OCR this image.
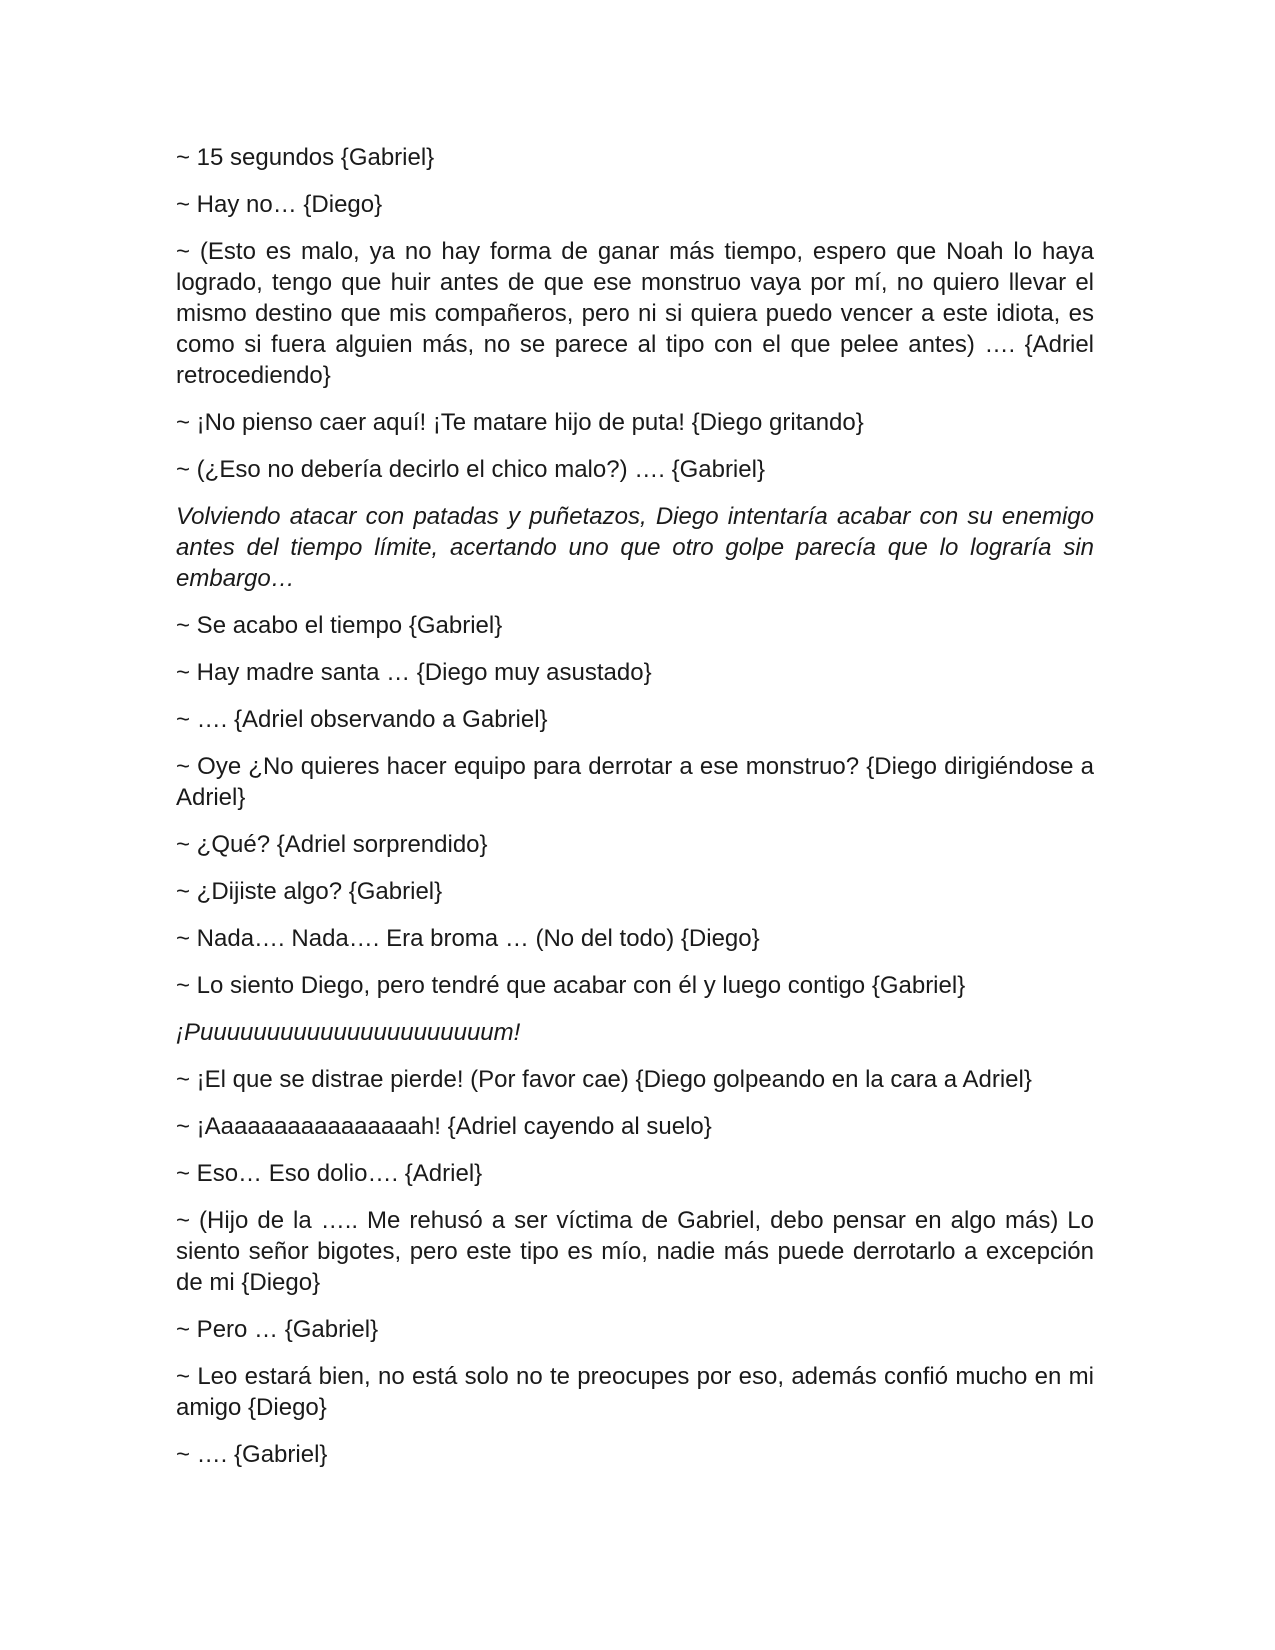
~ 15 segundos {Gabriel}

~ Hay no… {Diego}

~ (Esto es malo, ya no hay forma de ganar más tiempo, espero que Noah lo haya logrado, tengo que huir antes de que ese monstruo vaya por mí, no quiero llevar el mismo destino que mis compañeros, pero ni si quiera puedo vencer a este idiota, es como si fuera alguien más, no se parece al tipo con el que pelee antes) …. {Adriel retrocediendo}

~ ¡No pienso caer aquí! ¡Te matare hijo de puta! {Diego gritando}

~ (¿Eso no debería decirlo el chico malo?) …. {Gabriel}

Volviendo atacar con patadas y puñetazos, Diego intentaría acabar con su enemigo antes del tiempo límite, acertando uno que otro golpe parecía que lo lograría sin embargo…

~ Se acabo el tiempo {Gabriel}

~ Hay madre santa … {Diego muy asustado}

~ …. {Adriel observando a Gabriel}

~ Oye ¿No quieres hacer equipo para derrotar a ese monstruo? {Diego dirigiéndose a Adriel}

~ ¿Qué? {Adriel sorprendido}

~ ¿Dijiste algo? {Gabriel}

~ Nada…. Nada…. Era broma … (No del todo) {Diego}

~ Lo siento Diego, pero tendré que acabar con él y luego contigo {Gabriel}

¡Puuuuuuuuuuuuuuuuuuuuuum!

~ ¡El que se distrae pierde! (Por favor cae) {Diego golpeando en la cara a Adriel}

~ ¡Aaaaaaaaaaaaaaaah! {Adriel cayendo al suelo}

~ Eso… Eso dolio…. {Adriel}

~ (Hijo de la ….. Me rehusó a ser víctima de Gabriel, debo pensar en algo más) Lo siento señor bigotes, pero este tipo es mío, nadie más puede derrotarlo a excepción de mi {Diego}

~ Pero … {Gabriel}

~ Leo estará bien, no está solo no te preocupes por eso, además confió mucho en mi amigo {Diego}

~ …. {Gabriel}
